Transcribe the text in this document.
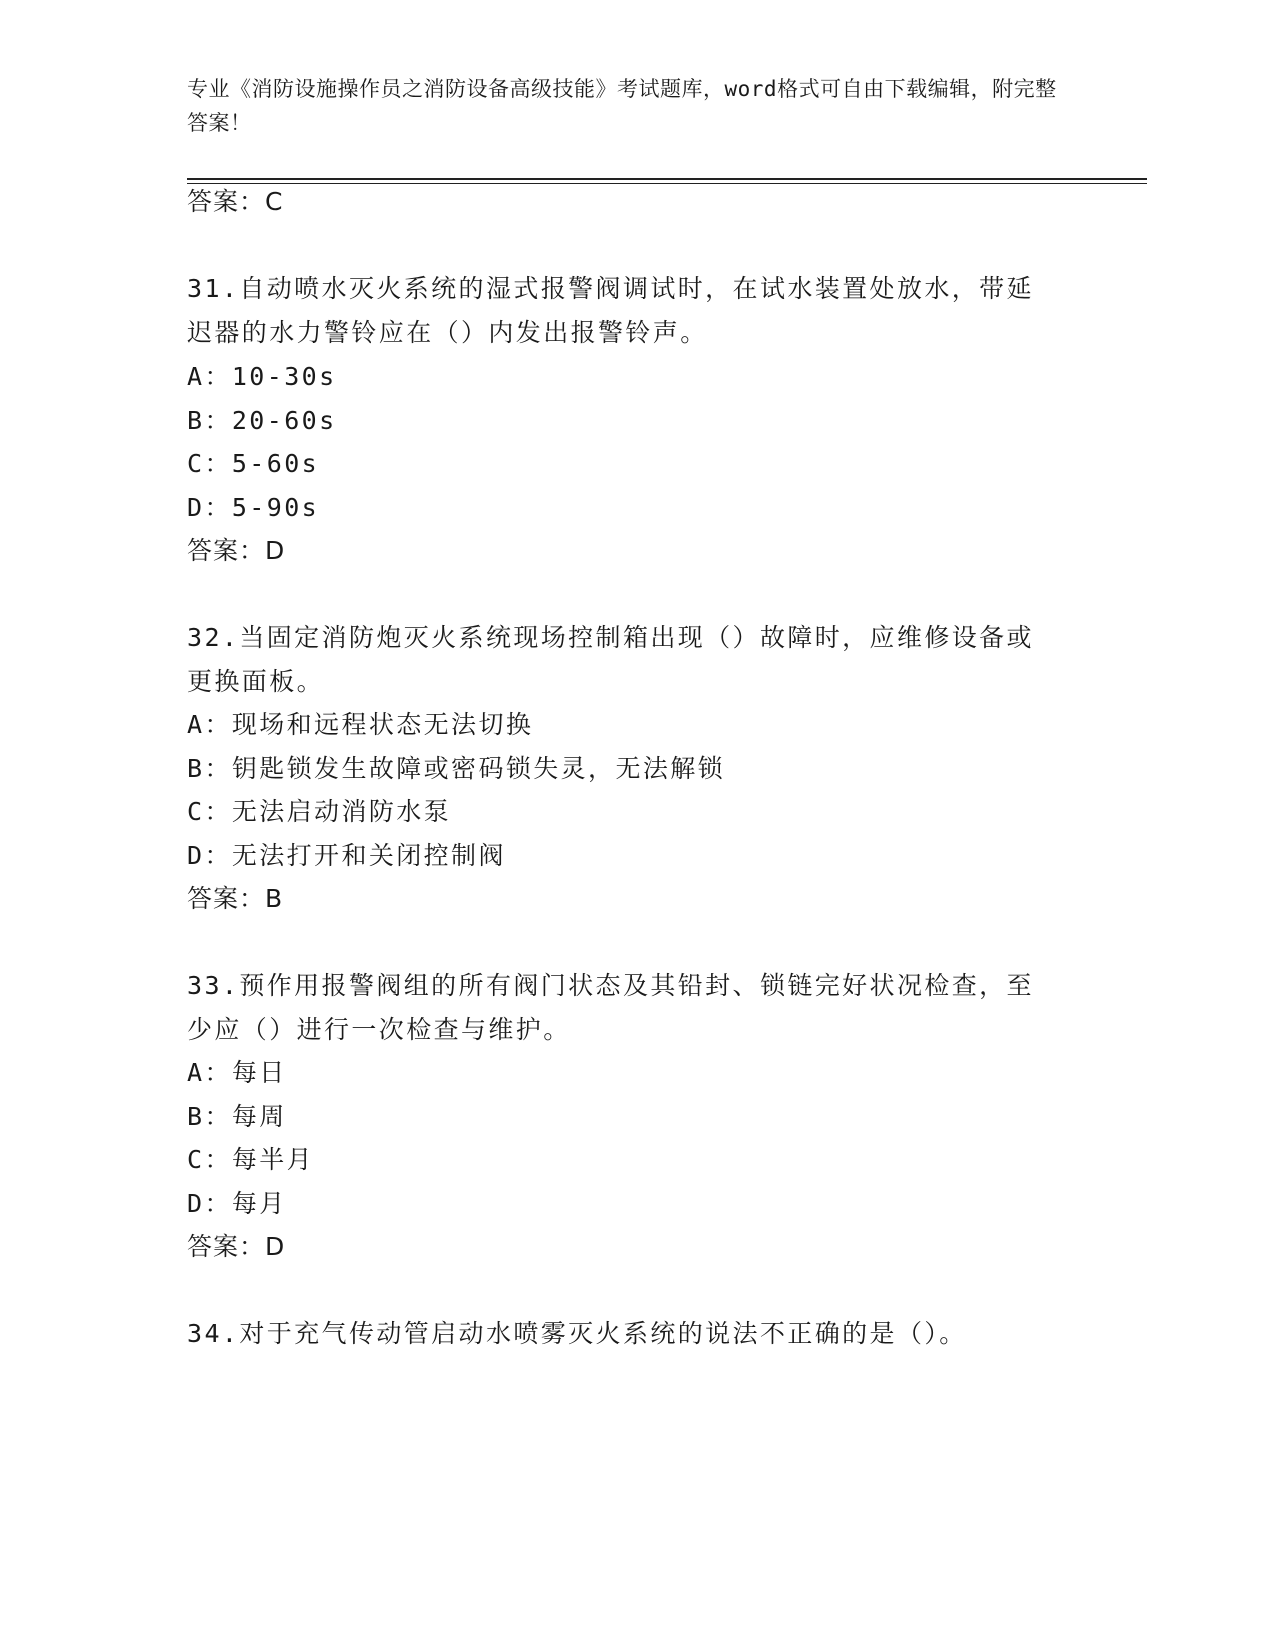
专业《消防设施操作员之消防设备高级技能》考试题库，word格式可自由下载编辑，附完整答案！
答案：C
31.自动喷水灭火系统的湿式报警阀调试时，在试水装置处放水，带延
迟器的水力警铃应在（）内发出报警铃声。
A：10-30s
B：20-60s
C：5-60s
D：5-90s
答案：D
32.当固定消防炮灭火系统现场控制箱出现（）故障时，应维修设备或
更换面板。
A：现场和远程状态无法切换
B：钥匙锁发生故障或密码锁失灵，无法解锁
C：无法启动消防水泵
D：无法打开和关闭控制阀
答案：B
33.预作用报警阀组的所有阀门状态及其铅封、锁链完好状况检查，至
少应（）进行一次检查与维护。
A：每日
B：每周
C：每半月
D：每月
答案：D
34.对于充气传动管启动水喷雾灭火系统的说法不正确的是（）。
